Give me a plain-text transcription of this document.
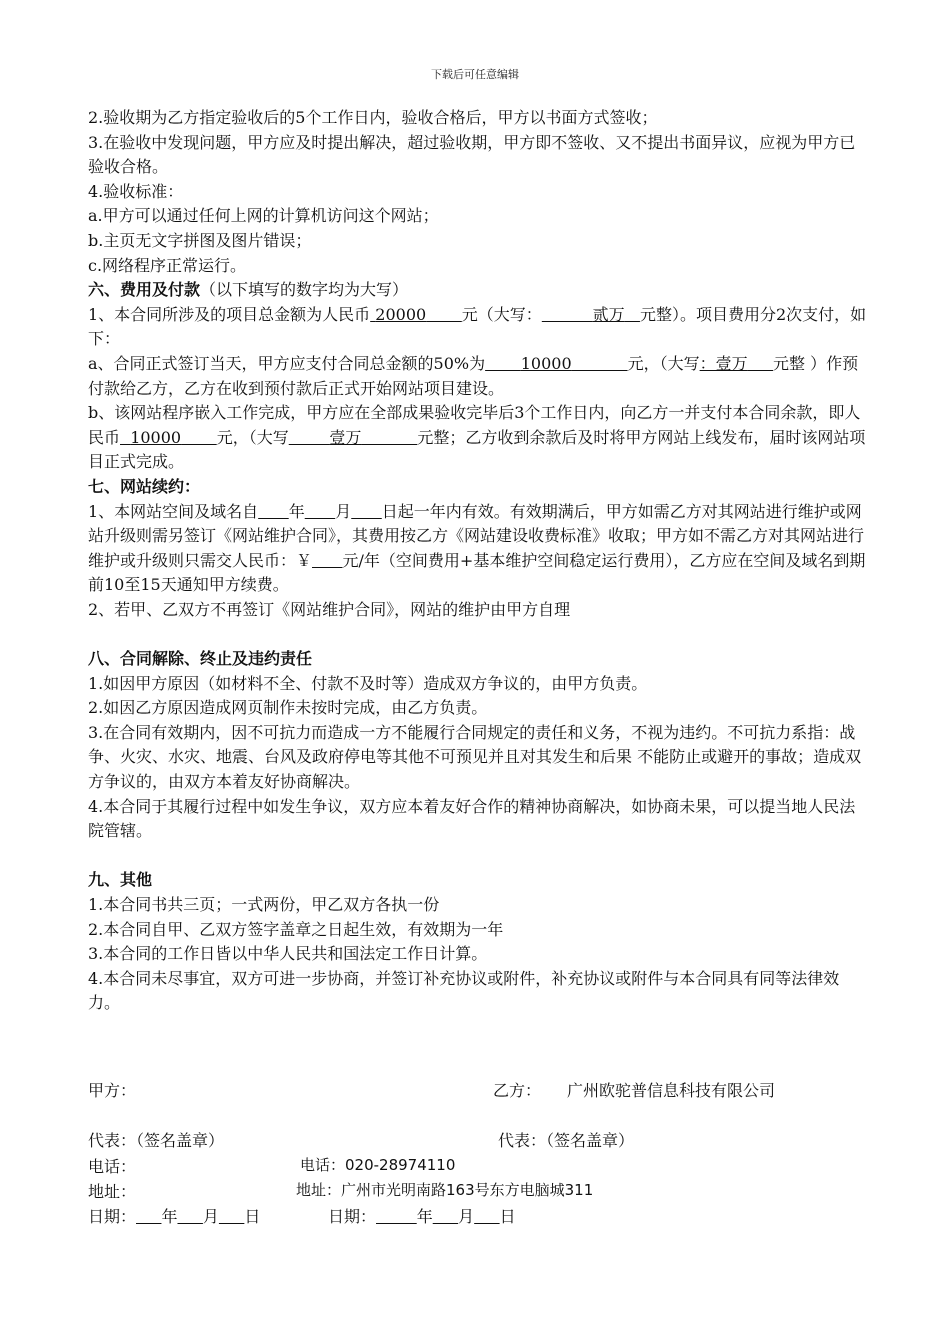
下载后可任意编辑

2.验收期为乙方指定验收后的5个工作日内，验收合格后，甲方以书面方式签收；

3.在验收中发现问题，甲方应及时提出解决，超过验收期，甲方即不签收、又不提出书面异议，应视为甲方已验收合格。

4.验收标准：

a.甲方可以通过任何上网的计算机访问这个网站；

b.主页无文字拼图及图片错误；

c.网络程序正常运行。

六、费用及付款（以下填写的数字均为大写）

1、本合同所涉及的项目总金额为人民币 20000 元（大写：	贰万 元整）。项目费用分2次支付，如下：

a、合同正式签订当天，甲方应支付合同总金额的50%为 10000	元，（大写：壹万 元整 ）作预付款给乙方，乙方在收到预付款后正式开始网站项目建设。

b、该网站程序嵌入工作完成，甲方应在全部成果验收完毕后3个工作日内，向乙方一并支付本合同余款，即人民币 10000 元，（大写	壹万	元整；乙方收到余款后及时将甲方网站上线发布，届时该网站项目正式完成。

七、网站续约：

1、本网站空间及域名自 年 月 日起一年内有效。有效期满后，甲方如需乙方对其网站进行维护或网站升级则需另签订《网站维护合同》，其费用按乙方《网站建设收费标准》收取；甲方如不需乙方对其网站进行维护或升级则只需交人民币：￥ 元/年（空间费用+基本维护空间稳定运行费用），乙方应在空间及域名到期前10至15天通知甲方续费。

2、若甲、乙双方不再签订《网站维护合同》，网站的维护由甲方自理

八、合同解除、终止及违约责任

1.如因甲方原因（如材料不全、付款不及时等）造成双方争议的，由甲方负责。

2.如因乙方原因造成网页制作未按时完成，由乙方负责。

3.在合同有效期内，因不可抗力而造成一方不能履行合同规定的责任和义务，不视为违约。不可抗力系指：战争、火灾、水灾、地震、台风及政府停电等其他不可预见并且对其发生和后果 不能防止或避开的事故；造成双方争议的，由双方本着友好协商解决。

4.本合同于其履行过程中如发生争议，双方应本着友好合作的精神协商解决，如协商未果，可以提当地人民法院管辖。

九、其他

1.本合同书共三页；一式两份，甲乙双方各执一份

2.本合同自甲、乙双方签字盖章之日起生效，有效期为一年

3.本合同的工作日皆以中华人民共和国法定工作日计算。

4.本合同未尽事宜，双方可进一步协商，并签订补充协议或附件，补充协议或附件与本合同具有同等法律效力。

甲方：	乙方： 广州欧驼普信息科技有限公司
代表：（签名盖章）	代表：（签名盖章）
电话：	电话：020-28974110
地址：	地址：广州市光明南路163号东方电脑城311
日期： 年 月 日	日期：	年 月 日
